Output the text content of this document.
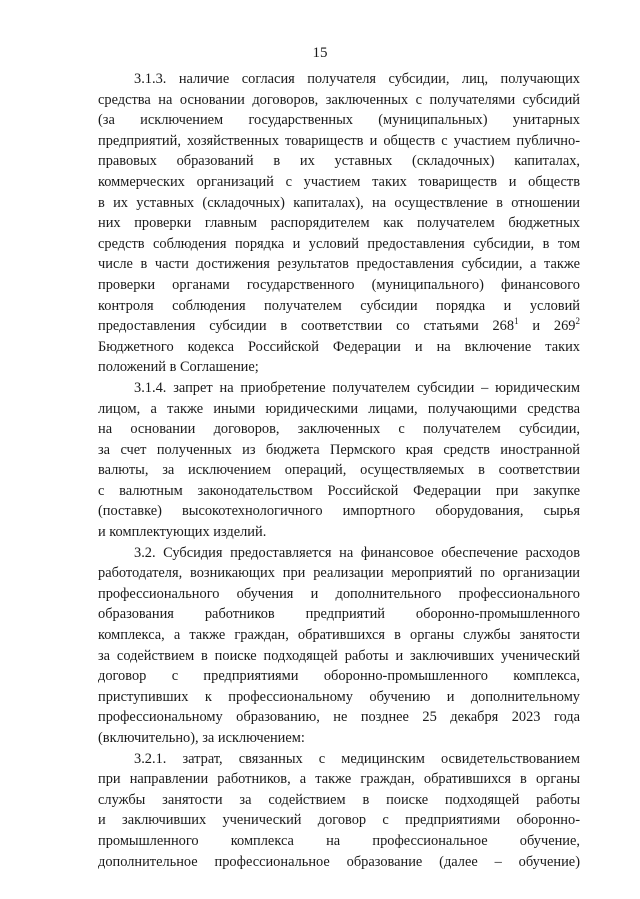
15
3.1.3. наличие согласия получателя субсидии, лиц, получающих
средства на основании договоров, заключенных с получателями субсидий
(за исключением государственных (муниципальных) унитарных
предприятий, хозяйственных товариществ и обществ с участием публично-
правовых образований в их уставных (складочных) капиталах,
коммерческих организаций с участием таких товариществ и обществ
в их уставных (складочных) капиталах), на осуществление в отношении
них проверки главным распорядителем как получателем бюджетных
средств соблюдения порядка и условий предоставления субсидии, в том
числе в части достижения результатов предоставления субсидии, а также
проверки органами государственного (муниципального) финансового
контроля соблюдения получателем субсидии порядка и условий
предоставления субсидии в соответствии со статьями $268^1$ и $269^2$
Бюджетного кодекса Российской Федерации и на включение таких
положений в Соглашение;
3.1.4. запрет на приобретение получателем субсидии – юридическим
лицом, а также иными юридическими лицами, получающими средства
на основании договоров, заключенных с получателем субсидии,
за счет полученных из бюджета Пермского края средств иностранной
валюты, за исключением операций, осуществляемых в соответствии
с валютным законодательством Российской Федерации при закупке
(поставке) высокотехнологичного импортного оборудования, сырья
и комплектующих изделий.
3.2. Субсидия предоставляется на финансовое обеспечение расходов
работодателя, возникающих при реализации мероприятий по организации
профессионального обучения и дополнительного профессионального
образования работников предприятий оборонно-промышленного
комплекса, а также граждан, обратившихся в органы службы занятости
за содействием в поиске подходящей работы и заключивших ученический
договор с предприятиями оборонно-промышленного комплекса,
приступивших к профессиональному обучению и дополнительному
профессиональному образованию, не позднее 25 декабря 2023 года
(включительно), за исключением:
3.2.1. затрат, связанных с медицинским освидетельствованием
при направлении работников, а также граждан, обратившихся в органы
службы занятости за содействием в поиске подходящей работы
и заключивших ученический договор с предприятиями оборонно-
промышленного комплекса на профессиональное обучение,
дополнительное профессиональное образование (далее – обучение)
